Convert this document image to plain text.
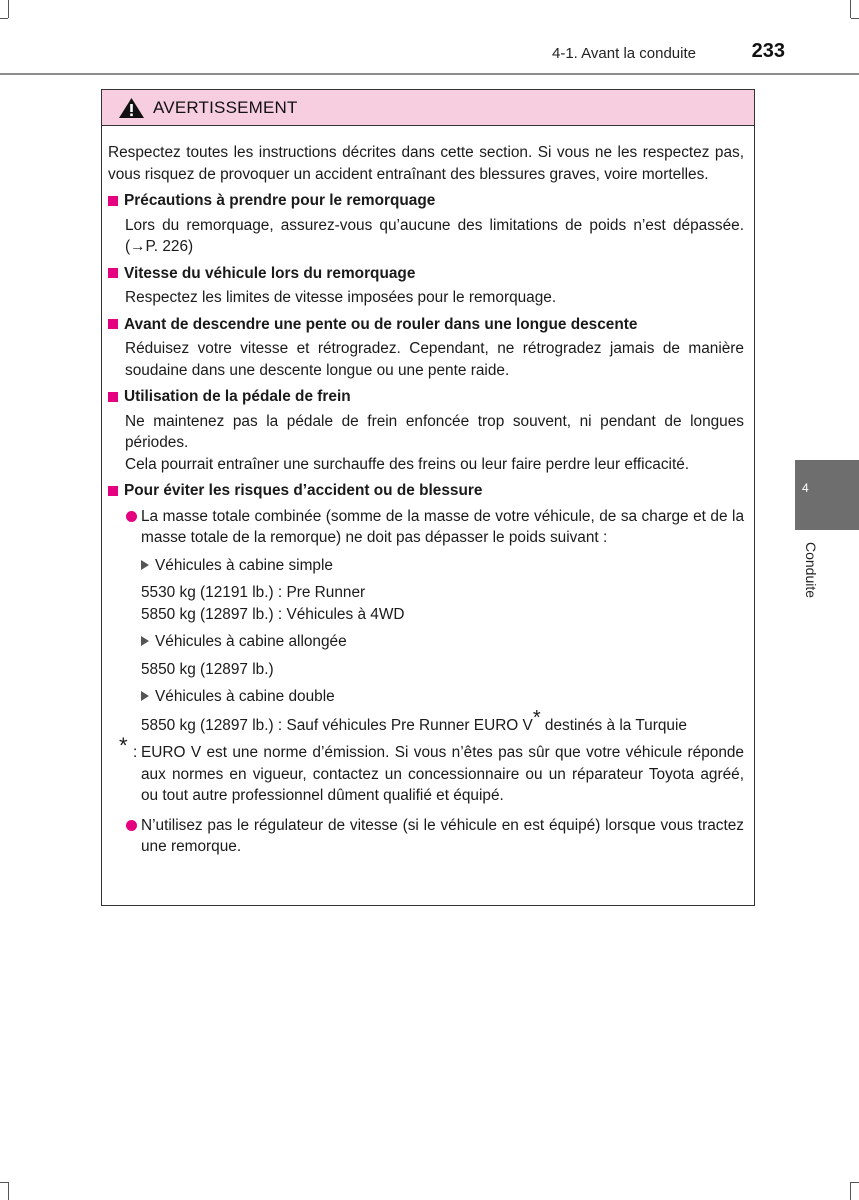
4-1. Avant la conduite	233
4
Conduite
AVERTISSEMENT

Respectez toutes les instructions décrites dans cette section. Si vous ne les respectez pas, vous risquez de provoquer un accident entraînant des blessures graves, voire mortelles.

Précautions à prendre pour le remorquage
Lors du remorquage, assurez-vous qu’aucune des limitations de poids n’est dépassée. (→P. 226)
Vitesse du véhicule lors du remorquage
Respectez les limites de vitesse imposées pour le remorquage.
Avant de descendre une pente ou de rouler dans une longue descente
Réduisez votre vitesse et rétrogradez. Cependant, ne rétrogradez jamais de manière soudaine dans une descente longue ou une pente raide.
Utilisation de la pédale de frein
Ne maintenez pas la pédale de frein enfoncée trop souvent, ni pendant de longues périodes.
Cela pourrait entraîner une surchauffe des freins ou leur faire perdre leur efficacité.
Pour éviter les risques d’accident ou de blessure
La masse totale combinée (somme de la masse de votre véhicule, de sa charge et de la masse totale de la remorque) ne doit pas dépasser le poids suivant :
Véhicules à cabine simple
5530 kg (12191 lb.) : Pre Runner
5850 kg (12897 lb.) : Véhicules à 4WD
Véhicules à cabine allongée
5850 kg (12897 lb.)
Véhicules à cabine double
5850 kg (12897 lb.) : Sauf véhicules Pre Runner EURO V* destinés à la Turquie
* : EURO V est une norme d’émission. Si vous n’êtes pas sûr que votre véhicule réponde aux normes en vigueur, contactez un concessionnaire ou un réparateur Toyota agréé, ou tout autre professionnel dûment qualifié et équipé.
N’utilisez pas le régulateur de vitesse (si le véhicule en est équipé) lorsque vous tractez une remorque.
